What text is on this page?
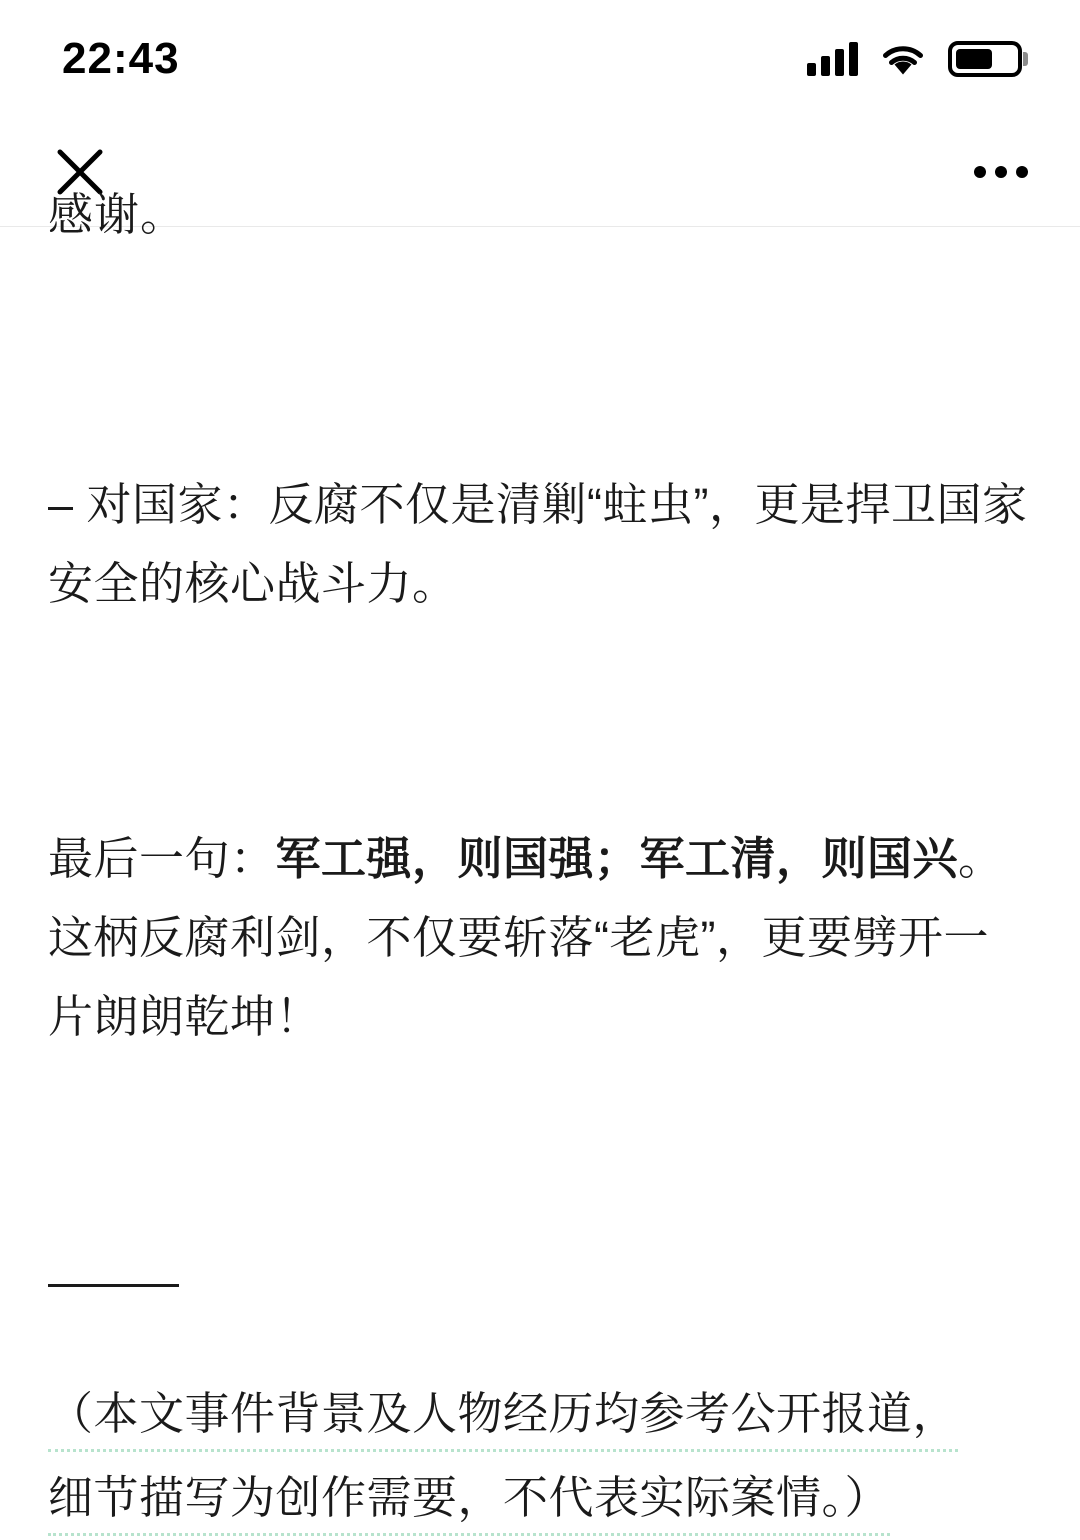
22:43
感谢。

– 对国家：反腐不仅是清剿“蛀虫”，更是捍卫国家安全的核心战斗力。

最后一句：军工强，则国强；军工清，则国兴。这柄反腐利剑，不仅要斩落“老虎”，更要劈开一片朗朗乾坤！

———

（本文事件背景及人物经历均参考公开报道，
细节描写为创作需要，不代表实际案情。）
